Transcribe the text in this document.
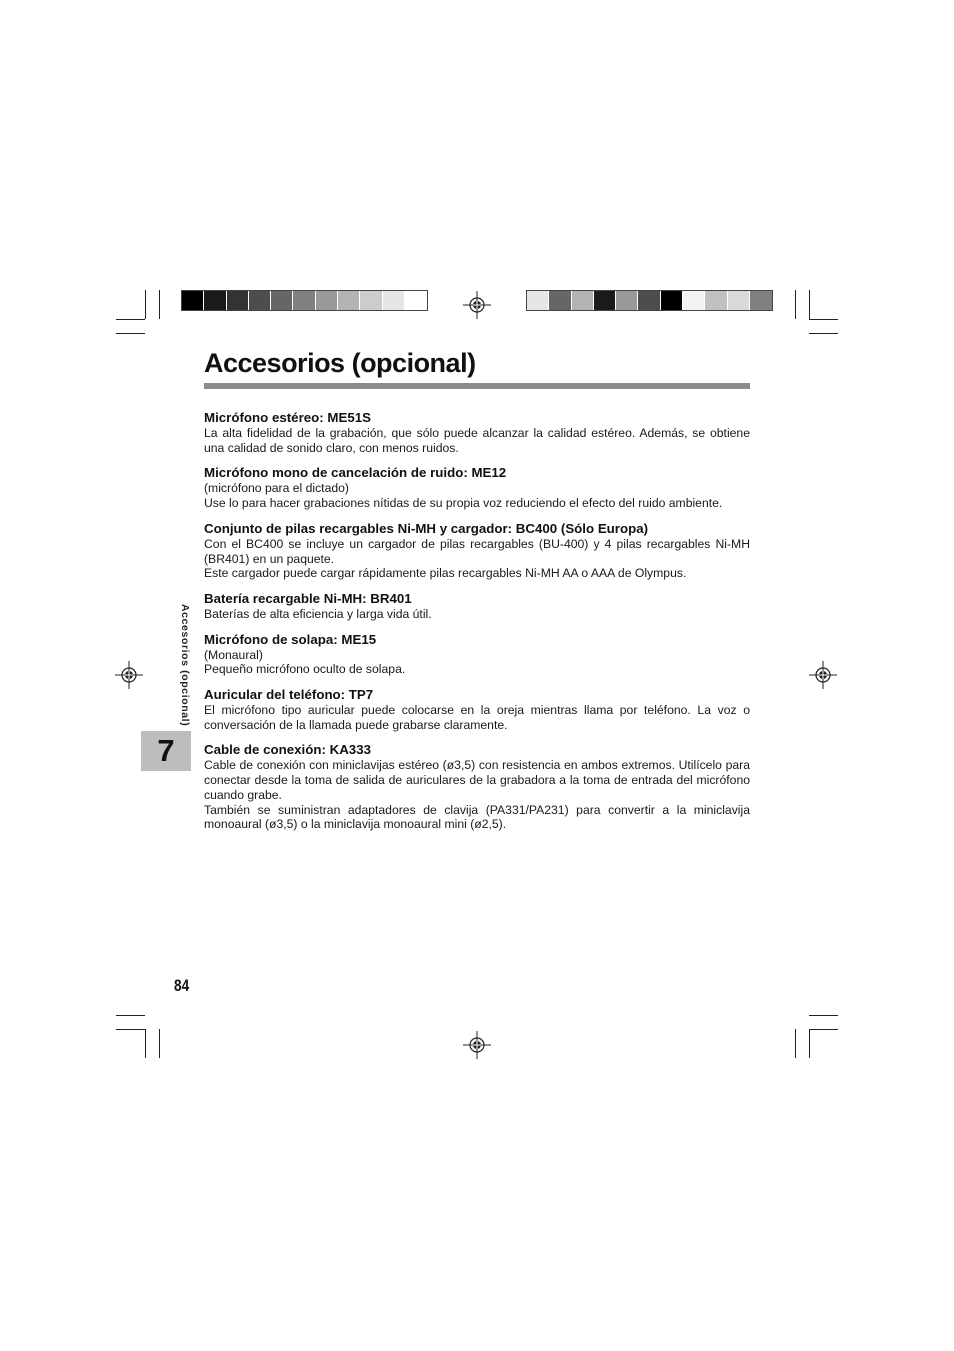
Accesorios (opcional)
Micrófono estéreo: ME51S

La alta fidelidad de la grabación, que sólo puede alcanzar la calidad estéreo. Además, se obtiene una calidad de sonido claro, con menos ruidos.

Micrófono mono de cancelación de ruido: ME12

(micrófono para el dictado)

Use lo para hacer grabaciones nítidas de su propia voz reduciendo el efecto del ruido ambiente.

Conjunto de pilas recargables Ni-MH y cargador: BC400 (Sólo Europa)

Con el BC400 se incluye un cargador de pilas recargables (BU-400) y 4 pilas recargables Ni-MH (BR401) en un paquete.

Este cargador puede cargar rápidamente pilas recargables Ni-MH AA o AAA de Olympus.

Batería recargable Ni-MH: BR401

Baterías de alta eficiencia y larga vida útil.

Micrófono de solapa: ME15

(Monaural)

Pequeño micrófono oculto de solapa.

Auricular del teléfono: TP7

El micrófono tipo auricular puede colocarse en la oreja mientras llama por teléfono. La voz o conversación de la llamada puede grabarse claramente.

Cable de conexión: KA333

Cable de conexión con miniclavijas estéreo (ø3,5) con resistencia en ambos extremos. Utilícelo para conectar desde la toma de salida de auriculares de la grabadora a la toma de entrada del micrófono cuando grabe.

También se suministran adaptadores de clavija (PA331/PA231) para convertir a la miniclavija monoaural (ø3,5) o la miniclavija monoaural mini (ø2,5).

Accesorios (opcional)
7
84
